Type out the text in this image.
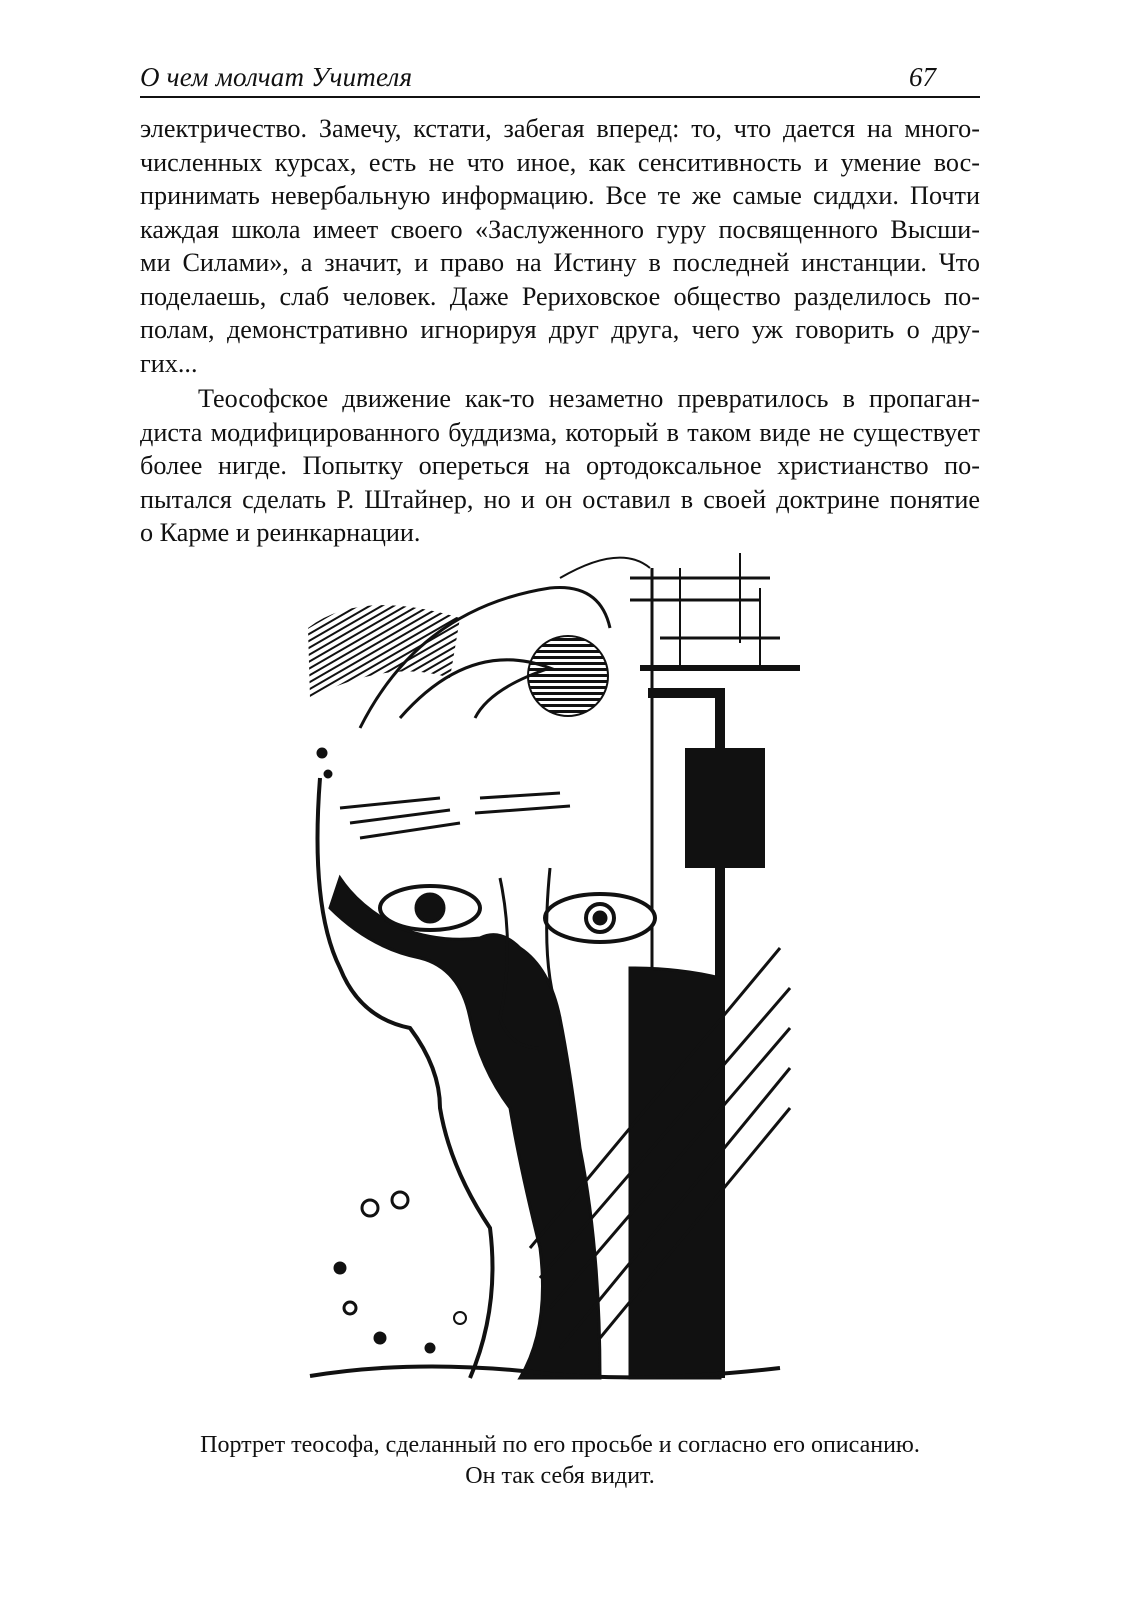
О чем молчат Учителя	67
электричество. Замечу, кстати, забегая вперед: то, что дается на много-
численных курсах, есть не что иное, как сенситивность и умение вос-
принимать невербальную информацию. Все те же самые сиддхи. Почти
каждая школа имеет своего «Заслуженного гуру посвященного Высши-
ми Силами», а значит, и право на Истину в последней инстанции. Что
поделаешь, слаб человек. Даже Рериховское общество разделилось по-
полам, демонстративно игнорируя друг друга, чего уж говорить о дру-
гих...
Теософское движение как-то незаметно превратилось в пропаган-
диста модифицированного буддизма, который в таком виде не существует
более нигде. Попытку опереться на ортодоксальное христианство по-
пытался сделать Р. Штайнер, но и он оставил в своей доктрине понятие
о Карме и реинкарнации.
Портрет теософа, сделанный по его просьбе и согласно его описанию.
Он так себя видит.
